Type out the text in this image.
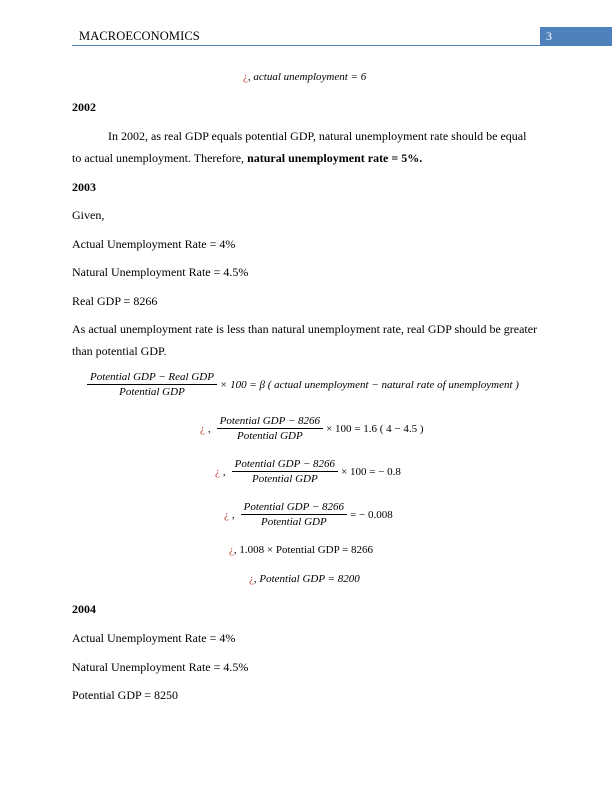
MACROECONOMICS	3
¿ , actual unemployment = 6
2002
In 2002, as real GDP equals potential GDP, natural unemployment rate should be equal
to actual unemployment. Therefore, natural unemployment rate = 5%.
2003
Given,
Actual Unemployment Rate = 4%
Natural Unemployment Rate = 4.5%
Real GDP = 8266
As actual unemployment rate is less than natural unemployment rate, real GDP should be greater
than potential GDP.
$\frac{\text{Potential GDP − Real GDP}}{\text{Potential GDP}} \times 100 = \beta$ ( actual unemployment − natural rate of unemployment )
¿ , $\frac{\text{Potential GDP − 8266}}{\text{Potential GDP}} \times 100 = 1.6$ ( 4 − 4.5 )
¿ , $\frac{\text{Potential GDP − 8266}}{\text{Potential GDP}} \times 100$ = − 0.8
¿ , $\frac{\text{Potential GDP − 8266}}{\text{Potential GDP}}$ = − 0.008
¿ , 1.008 × Potential GDP = 8266
¿ , Potential GDP = 8200
2004
Actual Unemployment Rate = 4%
Natural Unemployment Rate = 4.5%
Potential GDP = 8250
